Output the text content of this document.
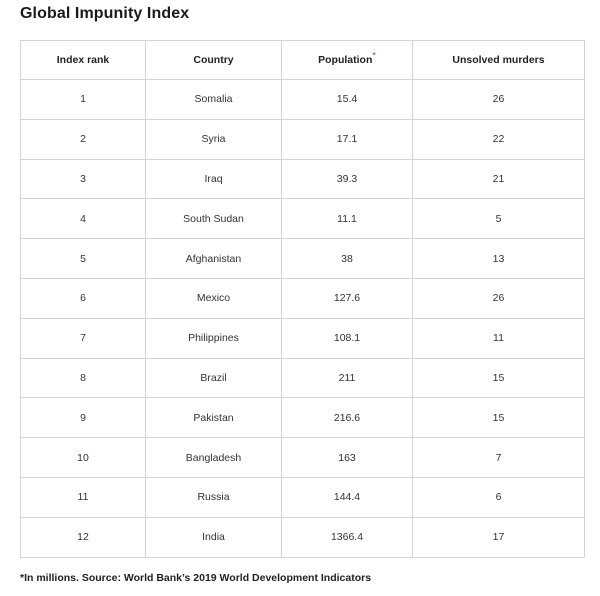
Global Impunity Index
Index rank	Country	Population*	Unsolved murders
1	Somalia	15.4	26
2	Syria	17.1	22
3	Iraq	39.3	21
4	South Sudan	11.1	5
5	Afghanistan	38	13
6	Mexico	127.6	26
7	Philippines	108.1	11
8	Brazil	211	15
9	Pakistan	216.6	15
10	Bangladesh	163	7
11	Russia	144.4	6
12	India	1366.4	17
*In millions. Source: World Bank’s 2019 World Development Indicators
